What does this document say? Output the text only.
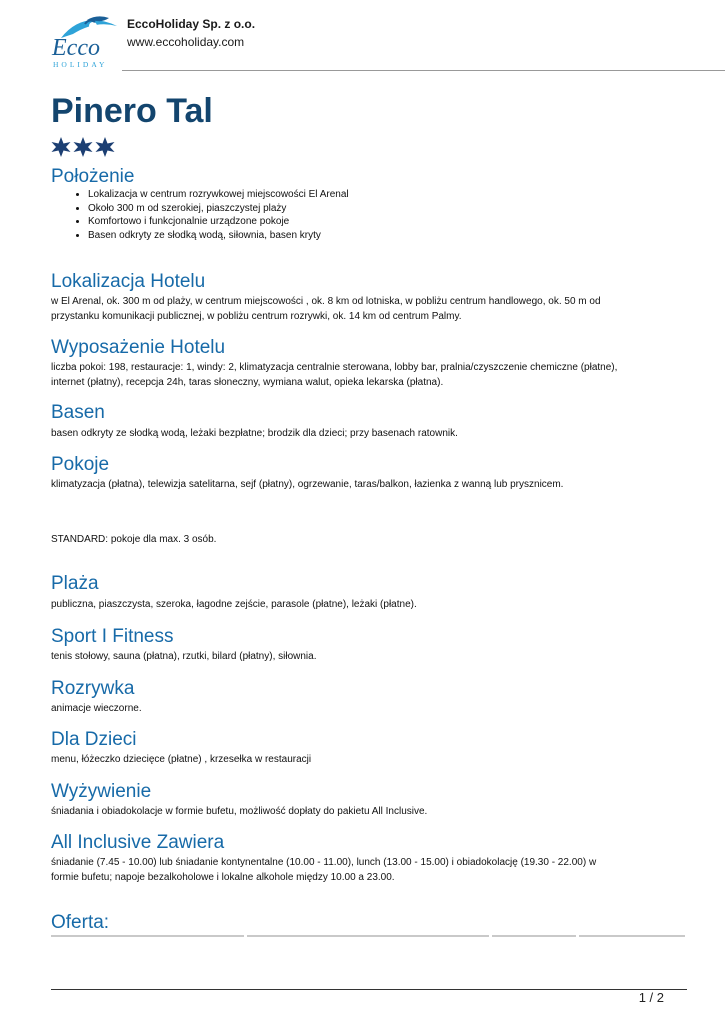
Ecco
HOLIDAY
EccoHoliday Sp. z o.o.
www.eccoholiday.com
Pinero Tal
Położenie
• Lokalizacja w centrum rozrywkowej miejscowości El Arenal
• Około 300 m od szerokiej, piaszczystej plaży
• Komfortowo i funkcjonalnie urządzone pokoje
• Basen odkryty ze słodką wodą, siłownia, basen kryty
Lokalizacja Hotelu

w El Arenal, ok. 300 m od plaży, w centrum miejscowości , ok. 8 km od lotniska, w pobliżu centrum handlowego, ok. 50 m od

przystanku komunikacji publicznej, w pobliżu centrum rozrywki, ok. 14 km od centrum Palmy.

Wyposażenie Hotelu

liczba pokoi: 198, restauracje: 1, windy: 2, klimatyzacja centralnie sterowana, lobby bar, pralnia/czyszczenie chemiczne (płatne),

internet (płatny), recepcja 24h, taras słoneczny, wymiana walut, opieka lekarska (płatna).

Basen

basen odkryty ze słodką wodą, leżaki bezpłatne; brodzik dla dzieci; przy basenach ratownik.

Pokoje

klimatyzacja (płatna), telewizja satelitarna, sejf (płatny), ogrzewanie, taras/balkon, łazienka z wanną lub prysznicem.

STANDARD: pokoje dla max. 3 osób.

Plaża

publiczna, piaszczysta, szeroka, łagodne zejście, parasole (płatne), leżaki (płatne).

Sport I Fitness

tenis stołowy, sauna (płatna), rzutki, bilard (płatny), siłownia.

Rozrywka

animacje wieczorne.

Dla Dzieci

menu, łóżeczko dziecięce (płatne) , krzesełka w restauracji

Wyżywienie

śniadania i obiadokolacje w formie bufetu, możliwość dopłaty do pakietu All Inclusive.

All Inclusive Zawiera

śniadanie (7.45 - 10.00) lub śniadanie kontynentalne (10.00 - 11.00), lunch (13.00 - 15.00) i obiadokolację (19.30 - 22.00) w

formie bufetu; napoje bezalkoholowe i lokalne alkohole między 10.00 a 23.00.

Oferta:
1 / 2
